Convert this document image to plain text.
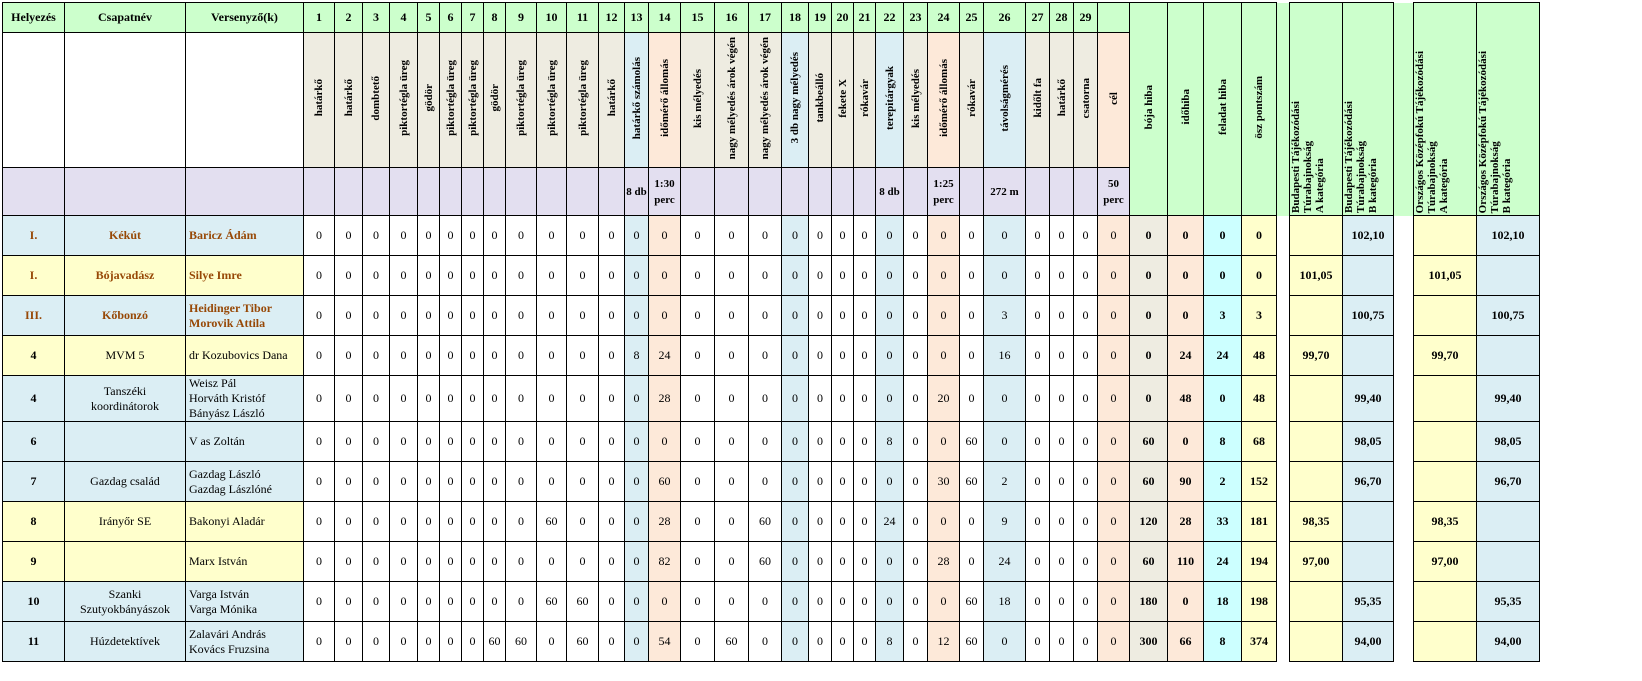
Helyezés	Csapatnév	Versenyző(k)	1	2	3	4	5	6	7	8	9	10	11	12	13	14	15	16	17	18	19	20	21	22	23	24	25	26	27	28	29		bója hiba	időhiba	feladat hiba	ösz pontszám		Budapesti Tájékozódási
Túrabajnokság
A kategória	Budapesti Tájékozódási
Túrabajnokság
B kategória		Országos Középfokú Tájékozódási
Túrabajnokság
A kategória	Országos Középfokú Tájékozódási
Túrabajnokság
B kategória

			határkő	határkő	dombtető	piktortégla üreg	gödör	piktortégla üreg	piktortégla üreg	gödör	piktortégla üreg	piktortégla üreg	piktortégla üreg	határkő	határkő számolás	időmérő állomás	kis mélyedés	nagy mélyedés árok végén	nagy mélyedés árok végén	3 db nagy mélyedés	tankbeálló	fekete X	rókavár	terepitárgyak	kis mélyedés	időmérő állomás	rókavár	távolságmérés	kidőlt fa	határkő	csatorna	cél										

															8 db	1:30 perc								8 db		1:25 perc		272 m				50 perc										
I.	Kékút	Baricz Ádám	0	0	0	0	0	0	0	0	0	0	0	0	0	0	0	0	0	0	0	0	0	0	0	0	0	0	0	0	0	0	0	0	0	0			102,10			102,10
I.	Bójavadász	Silye Imre	0	0	0	0	0	0	0	0	0	0	0	0	0	0	0	0	0	0	0	0	0	0	0	0	0	0	0	0	0	0	0	0	0	0		101,05			101,05	
III.	Kőbonzó	Heidinger Tibor
Morovik Attila	0	0	0	0	0	0	0	0	0	0	0	0	0	0	0	0	0	0	0	0	0	0	0	0	0	3	0	0	0	0	0	0	3	3			100,75			100,75
4	MVM 5	dr Kozubovics Dana	0	0	0	0	0	0	0	0	0	0	0	0	8	24	0	0	0	0	0	0	0	0	0	0	0	16	0	0	0	0	0	24	24	48		99,70			99,70	
4	Tanszéki
koordinátorok	Weisz Pál
Horváth Kristóf
Bányász László	0	0	0	0	0	0	0	0	0	0	0	0	0	28	0	0	0	0	0	0	0	0	0	20	0	0	0	0	0	0	0	48	0	48			99,40			99,40
6		V as Zoltán	0	0	0	0	0	0	0	0	0	0	0	0	0	0	0	0	0	0	0	0	0	8	0	0	60	0	0	0	0	0	60	0	8	68			98,05			98,05
7	Gazdag család	Gazdag László
Gazdag Lászlóné	0	0	0	0	0	0	0	0	0	0	0	0	0	60	0	0	0	0	0	0	0	0	0	30	60	2	0	0	0	0	60	90	2	152			96,70			96,70
8	Irányőr SE	Bakonyi Aladár	0	0	0	0	0	0	0	0	0	60	0	0	0	28	0	0	60	0	0	0	0	24	0	0	0	9	0	0	0	0	120	28	33	181		98,35			98,35	
9		Marx István	0	0	0	0	0	0	0	0	0	0	0	0	0	82	0	0	60	0	0	0	0	0	0	28	0	24	0	0	0	0	60	110	24	194		97,00			97,00	
10	Szanki
Szutyokbányászok	Varga István
Varga Mónika	0	0	0	0	0	0	0	0	0	60	60	0	0	0	0	0	0	0	0	0	0	0	0	0	60	18	0	0	0	0	180	0	18	198			95,35			95,35
11	Húzdetektívek	Zalavári András
Kovács Fruzsina	0	0	0	0	0	0	0	60	60	0	60	0	0	54	0	60	0	0	0	0	0	8	0	12	60	0	0	0	0	0	300	66	8	374			94,00			94,00
